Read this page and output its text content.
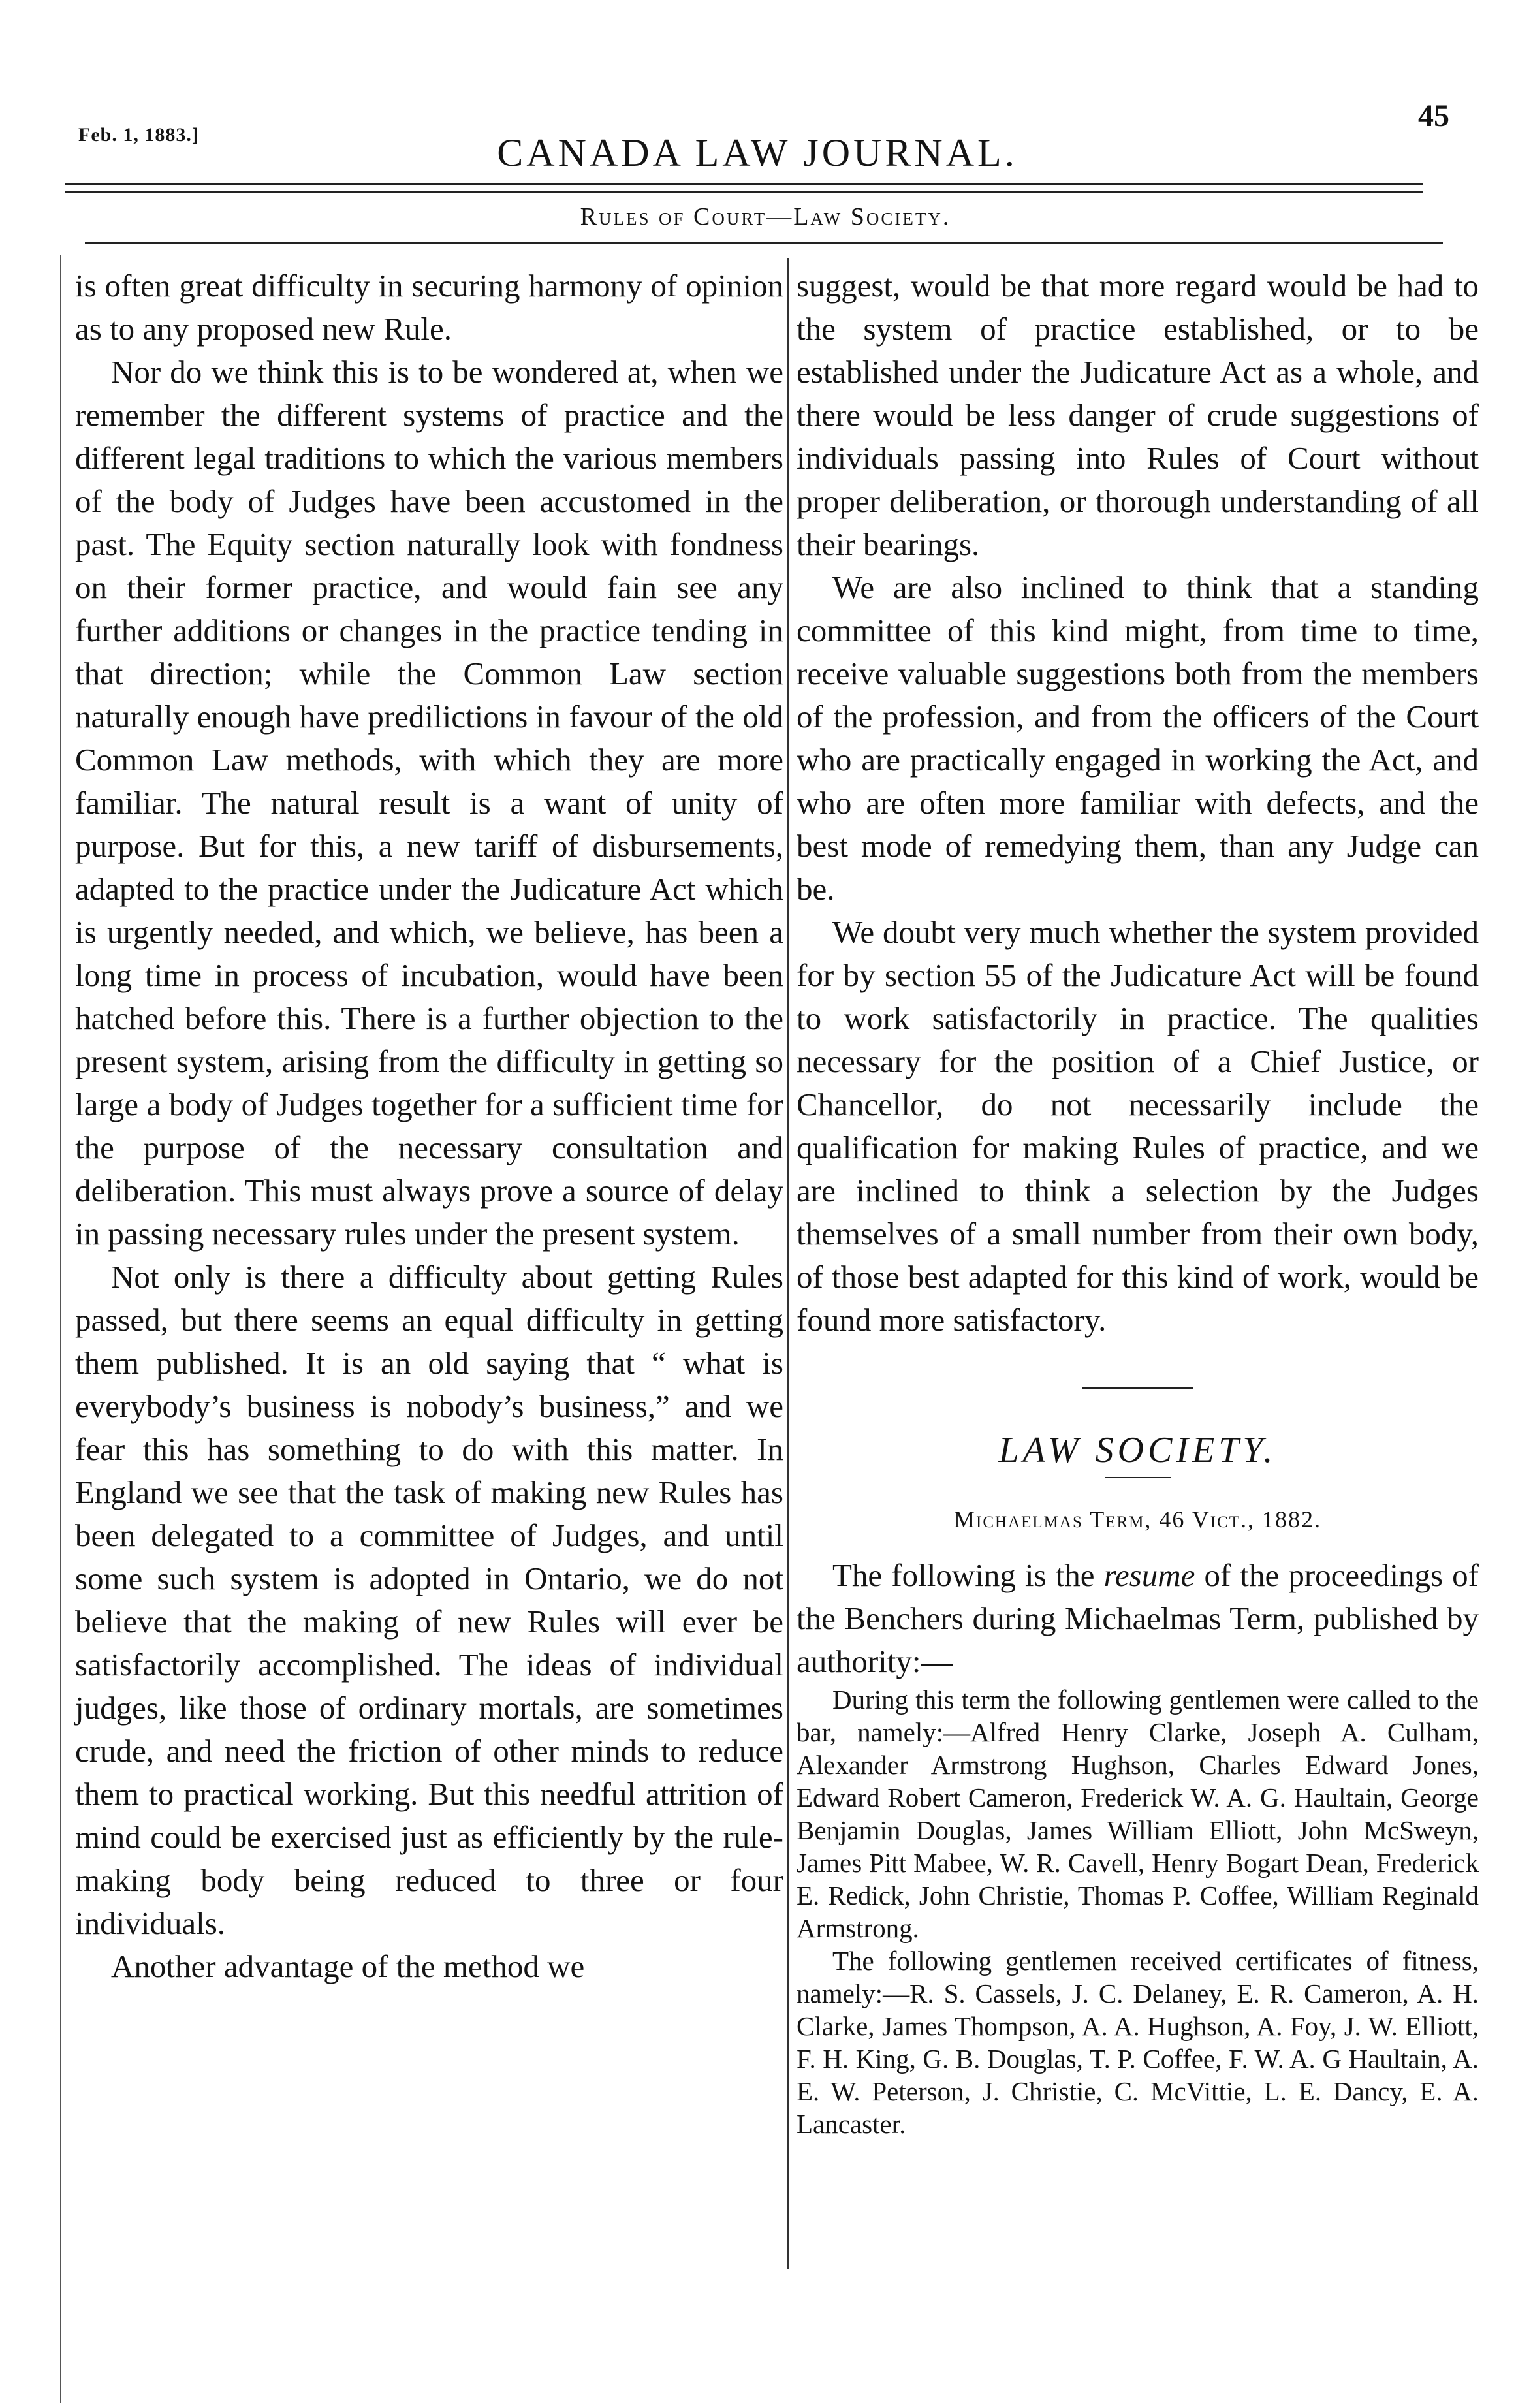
Feb. 1, 1883.]	CANADA LAW JOURNAL.
45
Rules of Court—Law Society.

is often great difficulty in securing harmony of opinion as to any proposed new Rule.

Nor do we think this is to be wondered at, when we remember the different systems of practice and the different legal traditions to which the various members of the body of Judges have been accustomed in the past. The Equity section naturally look with fondness on their former practice, and would fain see any further additions or changes in the practice tending in that direction; while the Common Law section naturally enough have predilictions in favour of the old Common Law methods, with which they are more familiar. The natural result is a want of unity of purpose. But for this, a new tariff of disbursements, adapted to the practice under the Judicature Act which is urgently needed, and which, we believe, has been a long time in process of incubation, would have been hatched before this. There is a further objection to the present system, arising from the difficulty in getting so large a body of Judges together for a sufficient time for the purpose of the necessary consultation and deliberation. This must always prove a source of delay in passing necessary rules under the present system.

Not only is there a difficulty about getting Rules passed, but there seems an equal difficulty in getting them published. It is an old saying that “ what is everybody’s business is nobody’s business,” and we fear this has something to do with this matter. In England we see that the task of making new Rules has been delegated to a committee of Judges, and until some such system is adopted in Ontario, we do not believe that the making of new Rules will ever be satisfactorily accomplished. The ideas of individual judges, like those of ordinary mortals, are sometimes crude, and need the friction of other minds to reduce them to practical working. But this needful attrition of mind could be exercised just as efficiently by the rule-making body being reduced to three or four individuals.

Another advantage of the method we

suggest, would be that more regard would be had to the system of practice established, or to be established under the Judicature Act as a whole, and there would be less danger of crude suggestions of individuals passing into Rules of Court without proper deliberation, or thorough understanding of all their bearings.

We are also inclined to think that a standing committee of this kind might, from time to time, receive valuable suggestions both from the members of the profession, and from the officers of the Court who are practically engaged in working the Act, and who are often more familiar with defects, and the best mode of remedying them, than any Judge can be.

We doubt very much whether the system provided for by section 55 of the Judicature Act will be found to work satisfactorily in practice. The qualities necessary for the position of a Chief Justice, or Chancellor, do not necessarily include the qualification for making Rules of practice, and we are inclined to think a selection by the Judges themselves of a small number from their own body, of those best adapted for this kind of work, would be found more satisfactory.

LAW SOCIETY.
Michaelmas Term, 46 Vict., 1882.

The following is the resume of the proceedings of the Benchers during Michaelmas Term, published by authority:—

During this term the following gentlemen were called to the bar, namely:—Alfred Henry Clarke, Joseph A. Culham, Alexander Armstrong Hughson, Charles Edward Jones, Edward Robert Cameron, Frederick W. A. G. Haultain, George Benjamin Douglas, James William Elliott, John McSweyn, James Pitt Mabee, W. R. Cavell, Henry Bogart Dean, Frederick E. Redick, John Christie, Thomas P. Coffee, William Reginald Armstrong.

The following gentlemen received certificates of fitness, namely:—R. S. Cassels, J. C. Delaney, E. R. Cameron, A. H. Clarke, James Thompson, A. A. Hughson, A. Foy, J. W. Elliott, F. H. King, G. B. Douglas, T. P. Coffee, F. W. A. G Haultain, A. E. W. Peterson, J. Christie, C. McVittie, L. E. Dancy, E. A. Lancaster.
